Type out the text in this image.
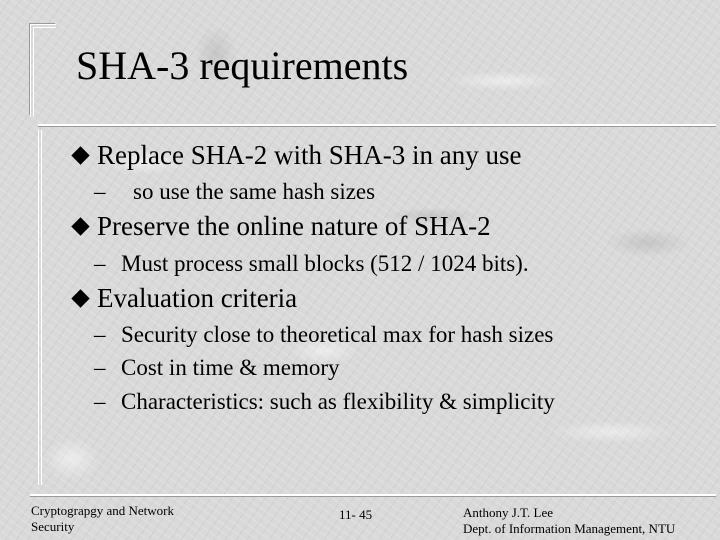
SHA-3 requirements
Replace SHA-2 with SHA-3 in any use
– so use the same hash sizes
Preserve the online nature of SHA-2
– Must process small blocks (512 / 1024 bits).
Evaluation criteria
– Security close to theoretical max for hash sizes
– Cost in time & memory
– Characteristics: such as flexibility & simplicity
Cryptograpgy and Network
Security
11- 45	Anthony J.T. Lee
Dept. of Information Management, NTU
